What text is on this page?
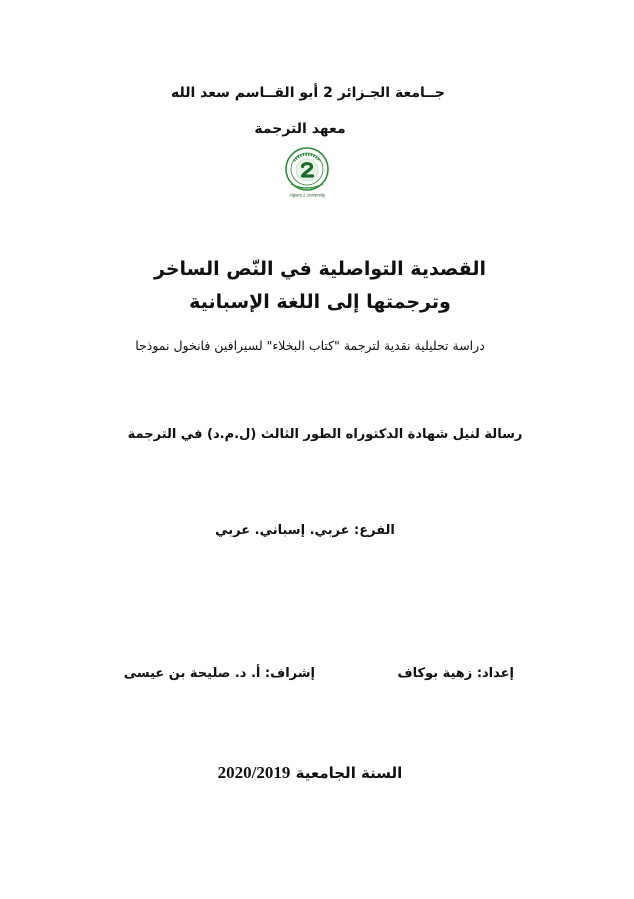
جــامعة الجـزائر 2 أبو القــاسم سعد الله
معهد الترجمة
Algiers 2 University
القصدية التواصلية في النّص الساخر
وترجمتها إلى اللغة الإسبانية
دراسة تحليلية نقدية لترجمة "كتاب البخلاء" لسيرافين فانخول نموذجا
رسالة لنيل شهادة الدكتوراه الطور الثالث (ل.م.د) في الترجمة
الفرع: عربي. إسباني. عربي
إعداد: زهية بوكاف
إشراف: أ. د. صليحة بن عيسى
السنة الجامعية 2020/2019
